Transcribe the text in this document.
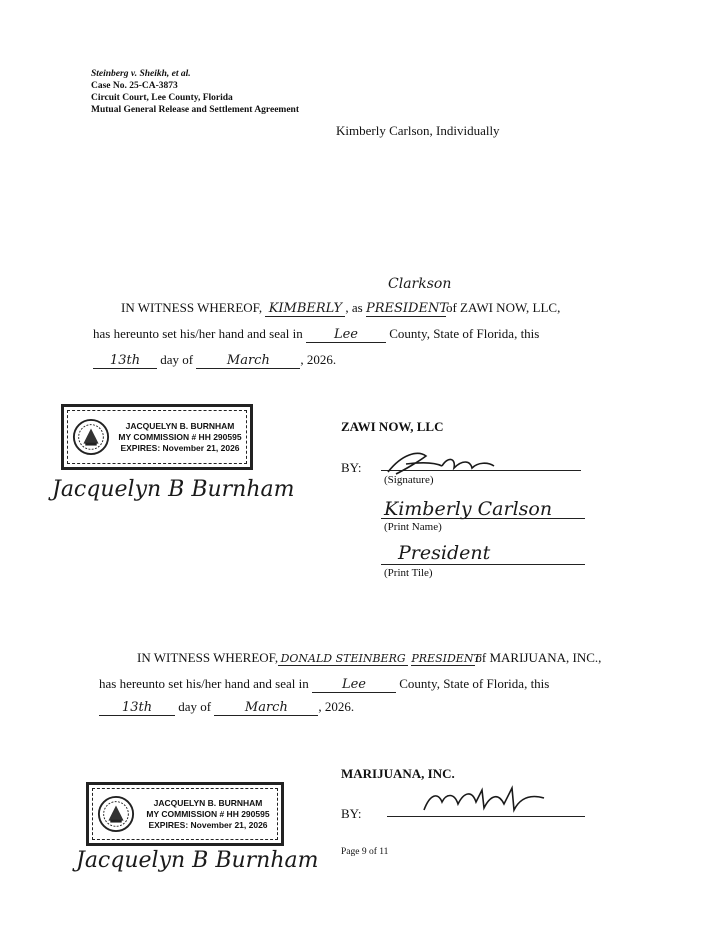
Steinberg v. Sheikh, et al.
Case No. 25-CA-3873
Circuit Court, Lee County, Florida
Mutual General Release and Settlement Agreement
Kimberly Carlson, Individually
Clarkson
IN WITNESS WHEREOF, KIMBERLY , as PRESIDENTof ZAWI NOW, LLC,
has hereunto set his/her hand and seal in Lee County, State of Florida, this
13th day of	March , 2026.
JACQUELYN B. BURNHAM
MY COMMISSION # HH 290595
EXPIRES: November 21, 2026
Jacquelyn B Burnham
ZAWI NOW, LLC
BY:
(Signature)
Kimberly Carlson
(Print Name)
President
(Print Tile)
IN WITNESS WHEREOF, DONALD STEINBERG PRESIDENTof MARIJUANA, INC.,
has hereunto set his/her hand and seal in	Lee	County, State of Florida, this
13th day of	March , 2026.
JACQUELYN B. BURNHAM
MY COMMISSION # HH 290595
EXPIRES: November 21, 2026
Jacquelyn B Burnham
MARIJUANA, INC.
BY:
Page 9 of 11
